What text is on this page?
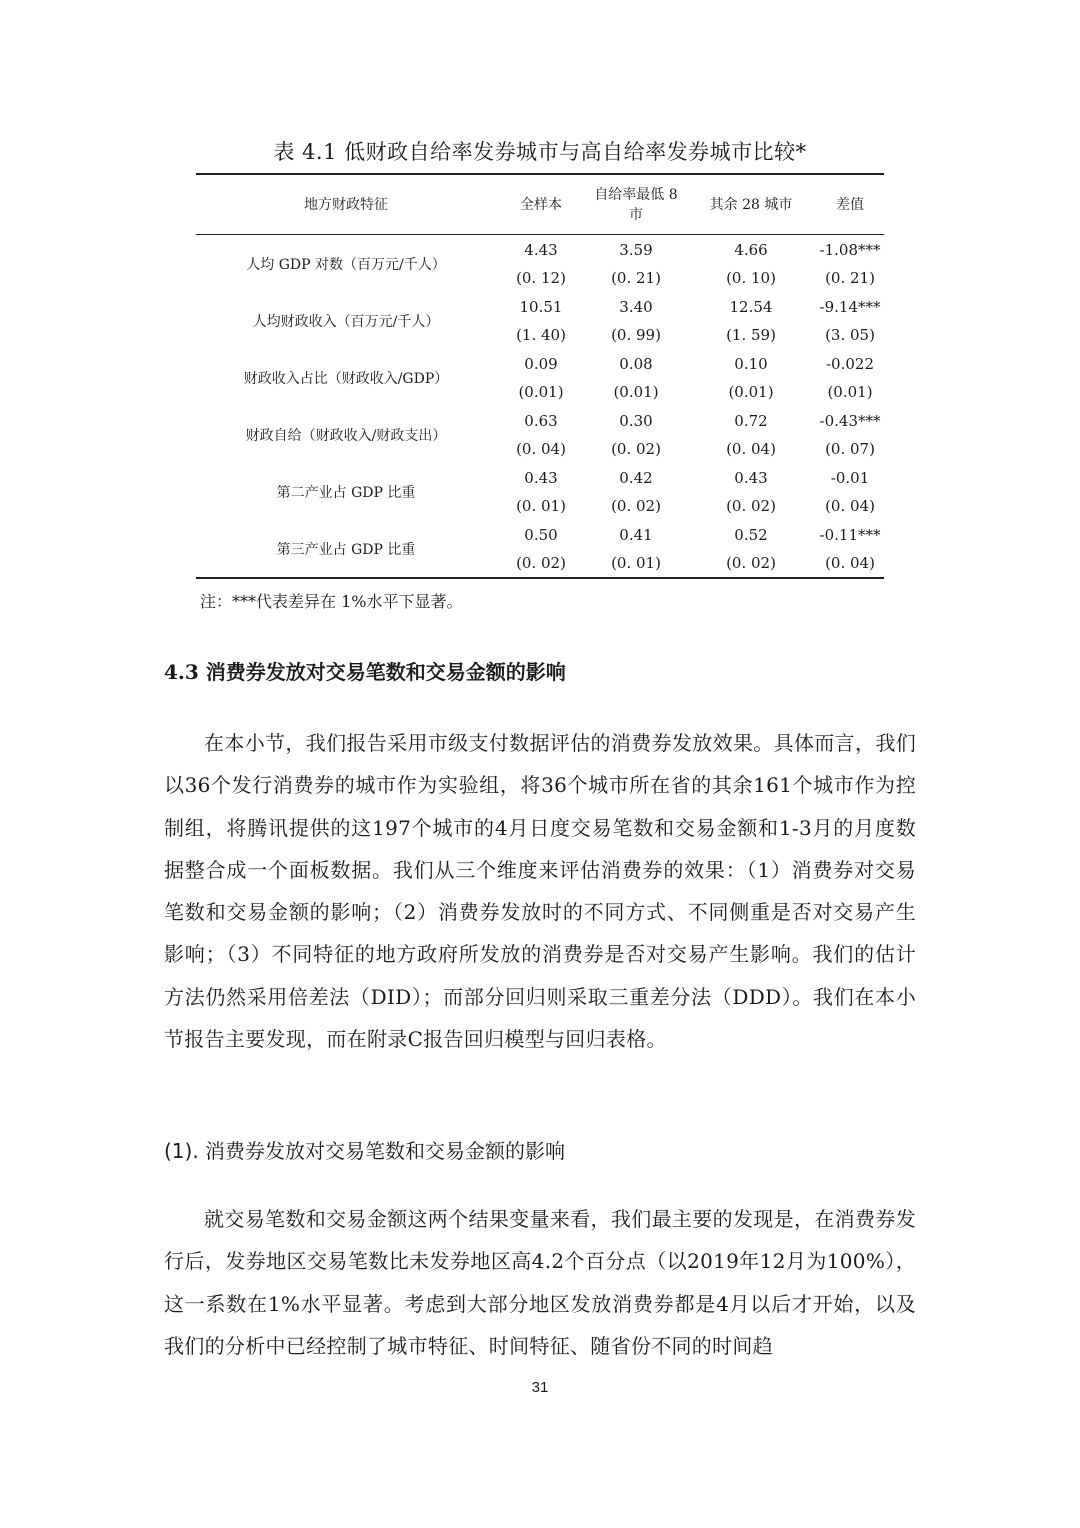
表 4.1 低财政自给率发券城市与高自给率发券城市比较*
地方财政特征	全样本	自给率最低 8 市	其余 28 城市	差值
人均 GDP 对数（百万元/千人）	4.43	3.59	4.66	-1.08***

	(0. 12)	(0. 21)	(0. 10)	(0. 21)

人均财政收入（百万元/千人）	10.51	3.40	12.54	-9.14***

	(1. 40)	(0. 99)	(1. 59)	(3. 05)

财政收入占比（财政收入/GDP）	0.09	0.08	0.10	-0.022

	(0.01)	(0.01)	(0.01)	(0.01)

财政自给（财政收入/财政支出）	0.63	0.30	0.72	-0.43***

	(0. 04)	(0. 02)	(0. 04)	(0. 07)

第二产业占 GDP 比重	0.43	0.42	0.43	-0.01

	(0. 01)	(0. 02)	(0. 02)	(0. 04)

第三产业占 GDP 比重	0.50	0.41	0.52	-0.11***

	(0. 02)	(0. 01)	(0. 02)	(0. 04)
注：***代表差异在 1%水平下显著。
4.3 消费券发放对交易笔数和交易金额的影响

在本小节，我们报告采用市级支付数据评估的消费券发放效果。具体而言，我们以36个发行消费券的城市作为实验组，将36个城市所在省的其余161个城市作为控制组，将腾讯提供的这197个城市的4月日度交易笔数和交易金额和1-3月的月度数据整合成一个面板数据。我们从三个维度来评估消费券的效果：（1）消费券对交易笔数和交易金额的影响；（2）消费券发放时的不同方式、不同侧重是否对交易产生影响；（3）不同特征的地方政府所发放的消费券是否对交易产生影响。我们的估计方法仍然采用倍差法（DID）；而部分回归则采取三重差分法（DDD）。我们在本小节报告主要发现，而在附录C报告回归模型与回归表格。

(1). 消费券发放对交易笔数和交易金额的影响

就交易笔数和交易金额这两个结果变量来看，我们最主要的发现是，在消费券发行后，发券地区交易笔数比未发券地区高4.2个百分点（以2019年12月为100%），这一系数在1%水平显著。考虑到大部分地区发放消费券都是4月以后才开始，以及我们的分析中已经控制了城市特征、时间特征、随省份不同的时间趋

31
